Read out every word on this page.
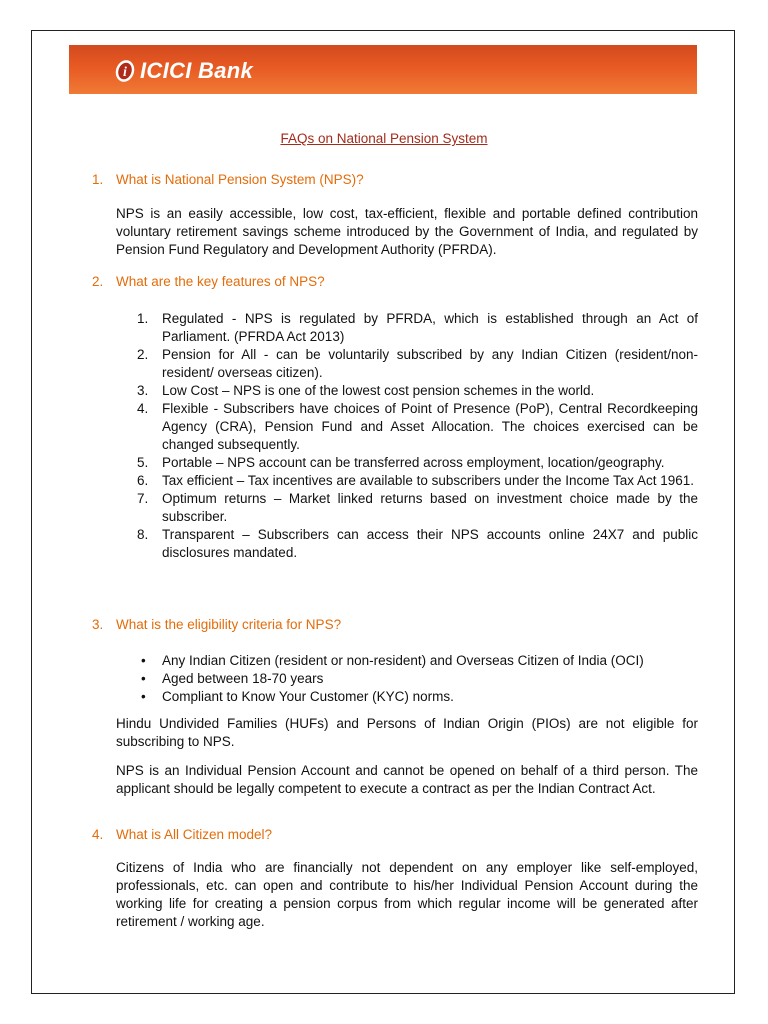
i ICICI Bank
FAQs on National Pension System
1. What is National Pension System (NPS)?
NPS is an easily accessible, low cost, tax-efficient, flexible and portable defined contribution voluntary retirement savings scheme introduced by the Government of India, and regulated by Pension Fund Regulatory and Development Authority (PFRDA).
2. What are the key features of NPS?
1. Regulated - NPS is regulated by PFRDA, which is established through an Act of Parliament. (PFRDA Act 2013)
2. Pension for All - can be voluntarily subscribed by any Indian Citizen (resident/non-resident/ overseas citizen).
3. Low Cost – NPS is one of the lowest cost pension schemes in the world.
4. Flexible - Subscribers have choices of Point of Presence (PoP), Central Recordkeeping Agency (CRA), Pension Fund and Asset Allocation. The choices exercised can be changed subsequently.
5. Portable – NPS account can be transferred across employment, location/geography.
6. Tax efficient – Tax incentives are available to subscribers under the Income Tax Act 1961.
7. Optimum returns – Market linked returns based on investment choice made by the subscriber.
8. Transparent – Subscribers can access their NPS accounts online 24X7 and public disclosures mandated.
3. What is the eligibility criteria for NPS?
• Any Indian Citizen (resident or non-resident) and Overseas Citizen of India (OCI)
• Aged between 18-70 years
• Compliant to Know Your Customer (KYC) norms.
Hindu Undivided Families (HUFs) and Persons of Indian Origin (PIOs) are not eligible for subscribing to NPS.
NPS is an Individual Pension Account and cannot be opened on behalf of a third person. The applicant should be legally competent to execute a contract as per the Indian Contract Act.
4. What is All Citizen model?
Citizens of India who are financially not dependent on any employer like self-employed, professionals, etc. can open and contribute to his/her Individual Pension Account during the working life for creating a pension corpus from which regular income will be generated after retirement / working age.
